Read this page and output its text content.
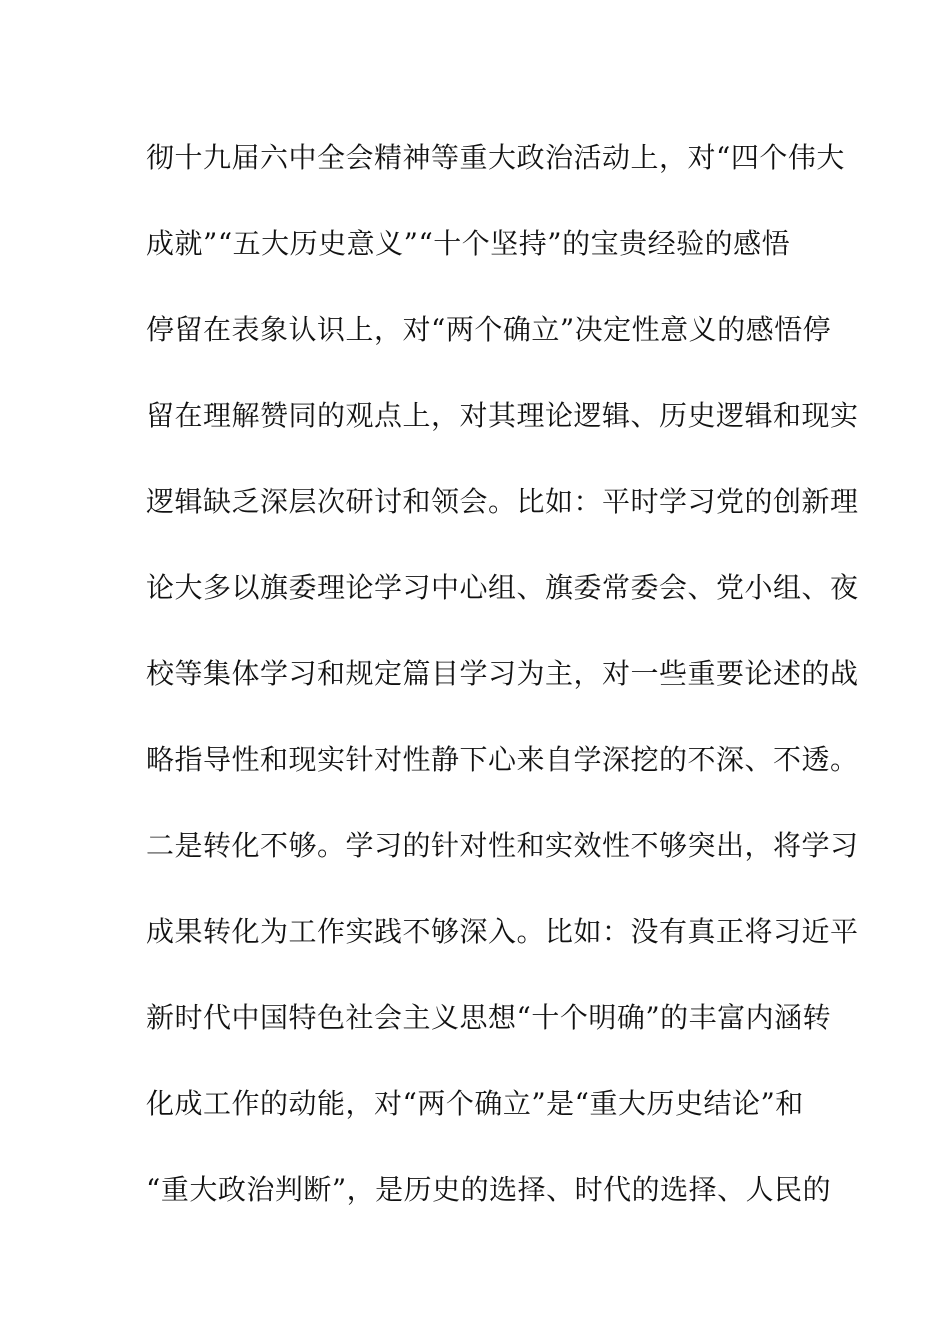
彻十九届六中全会精神等重大政治活动上，对“四个伟大
成就”“五大历史意义”“十个坚持”的宝贵经验的感悟
停留在表象认识上，对“两个确立”决定性意义的感悟停
留在理解赞同的观点上，对其理论逻辑、历史逻辑和现实
逻辑缺乏深层次研讨和领会。比如：平时学习党的创新理
论大多以旗委理论学习中心组、旗委常委会、党小组、夜
校等集体学习和规定篇目学习为主，对一些重要论述的战
略指导性和现实针对性静下心来自学深挖的不深、不透。
二是转化不够。学习的针对性和实效性不够突出，将学习
成果转化为工作实践不够深入。比如：没有真正将习近平
新时代中国特色社会主义思想“十个明确”的丰富内涵转
化成工作的动能，对“两个确立”是“重大历史结论”和
“重大政治判断”，是历史的选择、时代的选择、人民的
